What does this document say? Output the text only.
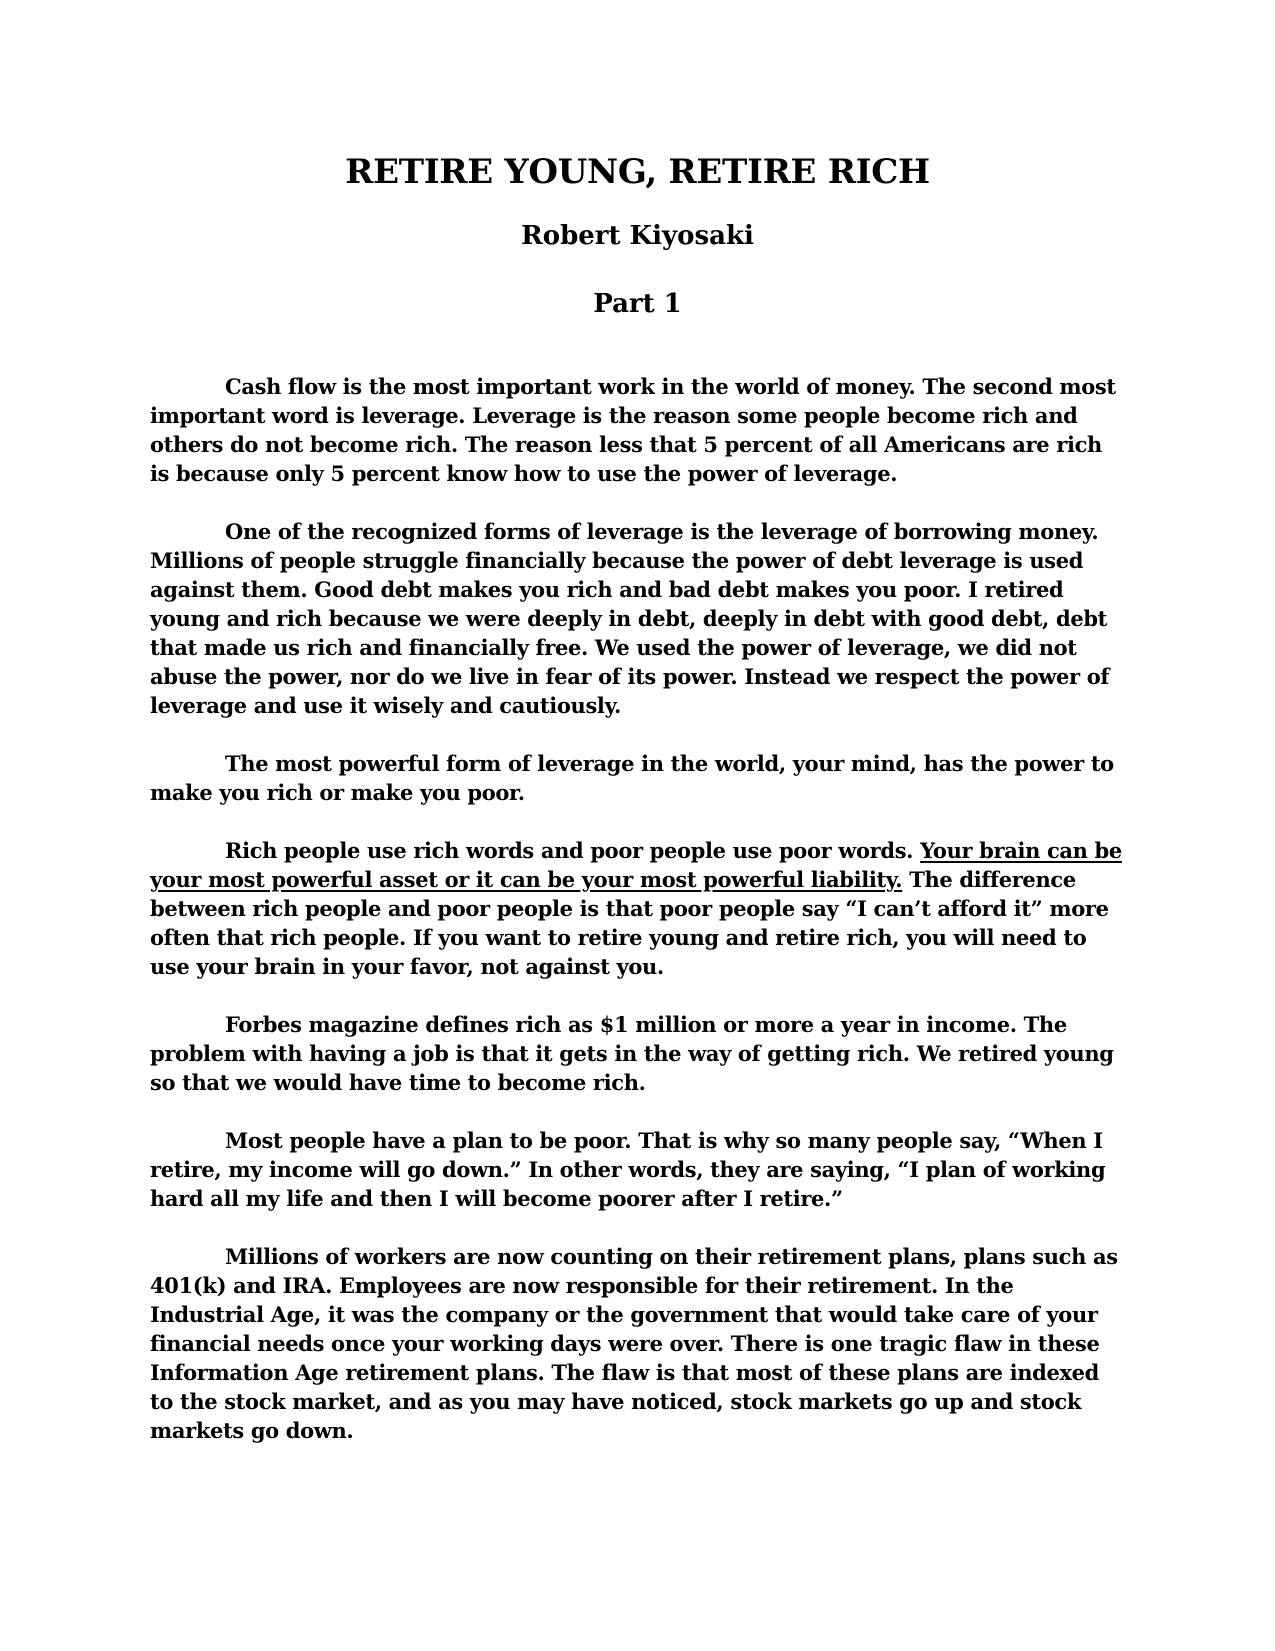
RETIRE YOUNG, RETIRE RICH
Robert Kiyosaki
Part 1

Cash flow is the most important work in the world of money. The second most important word is leverage. Leverage is the reason some people become rich and others do not become rich. The reason less that 5 percent of all Americans are rich is because only 5 percent know how to use the power of leverage.

One of the recognized forms of leverage is the leverage of borrowing money. Millions of people struggle financially because the power of debt leverage is used against them. Good debt makes you rich and bad debt makes you poor. I retired young and rich because we were deeply in debt, deeply in debt with good debt, debt that made us rich and financially free. We used the power of leverage, we did not abuse the power, nor do we live in fear of its power. Instead we respect the power of leverage and use it wisely and cautiously.

The most powerful form of leverage in the world, your mind, has the power to make you rich or make you poor.

Rich people use rich words and poor people use poor words. Your brain can be your most powerful asset or it can be your most powerful liability. The difference between rich people and poor people is that poor people say “I can’t afford it” more often that rich people. If you want to retire young and retire rich, you will need to use your brain in your favor, not against you.

Forbes magazine defines rich as $1 million or more a year in income. The problem with having a job is that it gets in the way of getting rich. We retired young so that we would have time to become rich.

Most people have a plan to be poor. That is why so many people say, “When I retire, my income will go down.” In other words, they are saying, “I plan of working hard all my life and then I will become poorer after I retire.”

Millions of workers are now counting on their retirement plans, plans such as 401(k) and IRA. Employees are now responsible for their retirement. In the Industrial Age, it was the company or the government that would take care of your financial needs once your working days were over. There is one tragic flaw in these Information Age retirement plans. The flaw is that most of these plans are indexed to the stock market, and as you may have noticed, stock markets go up and stock markets go down.
